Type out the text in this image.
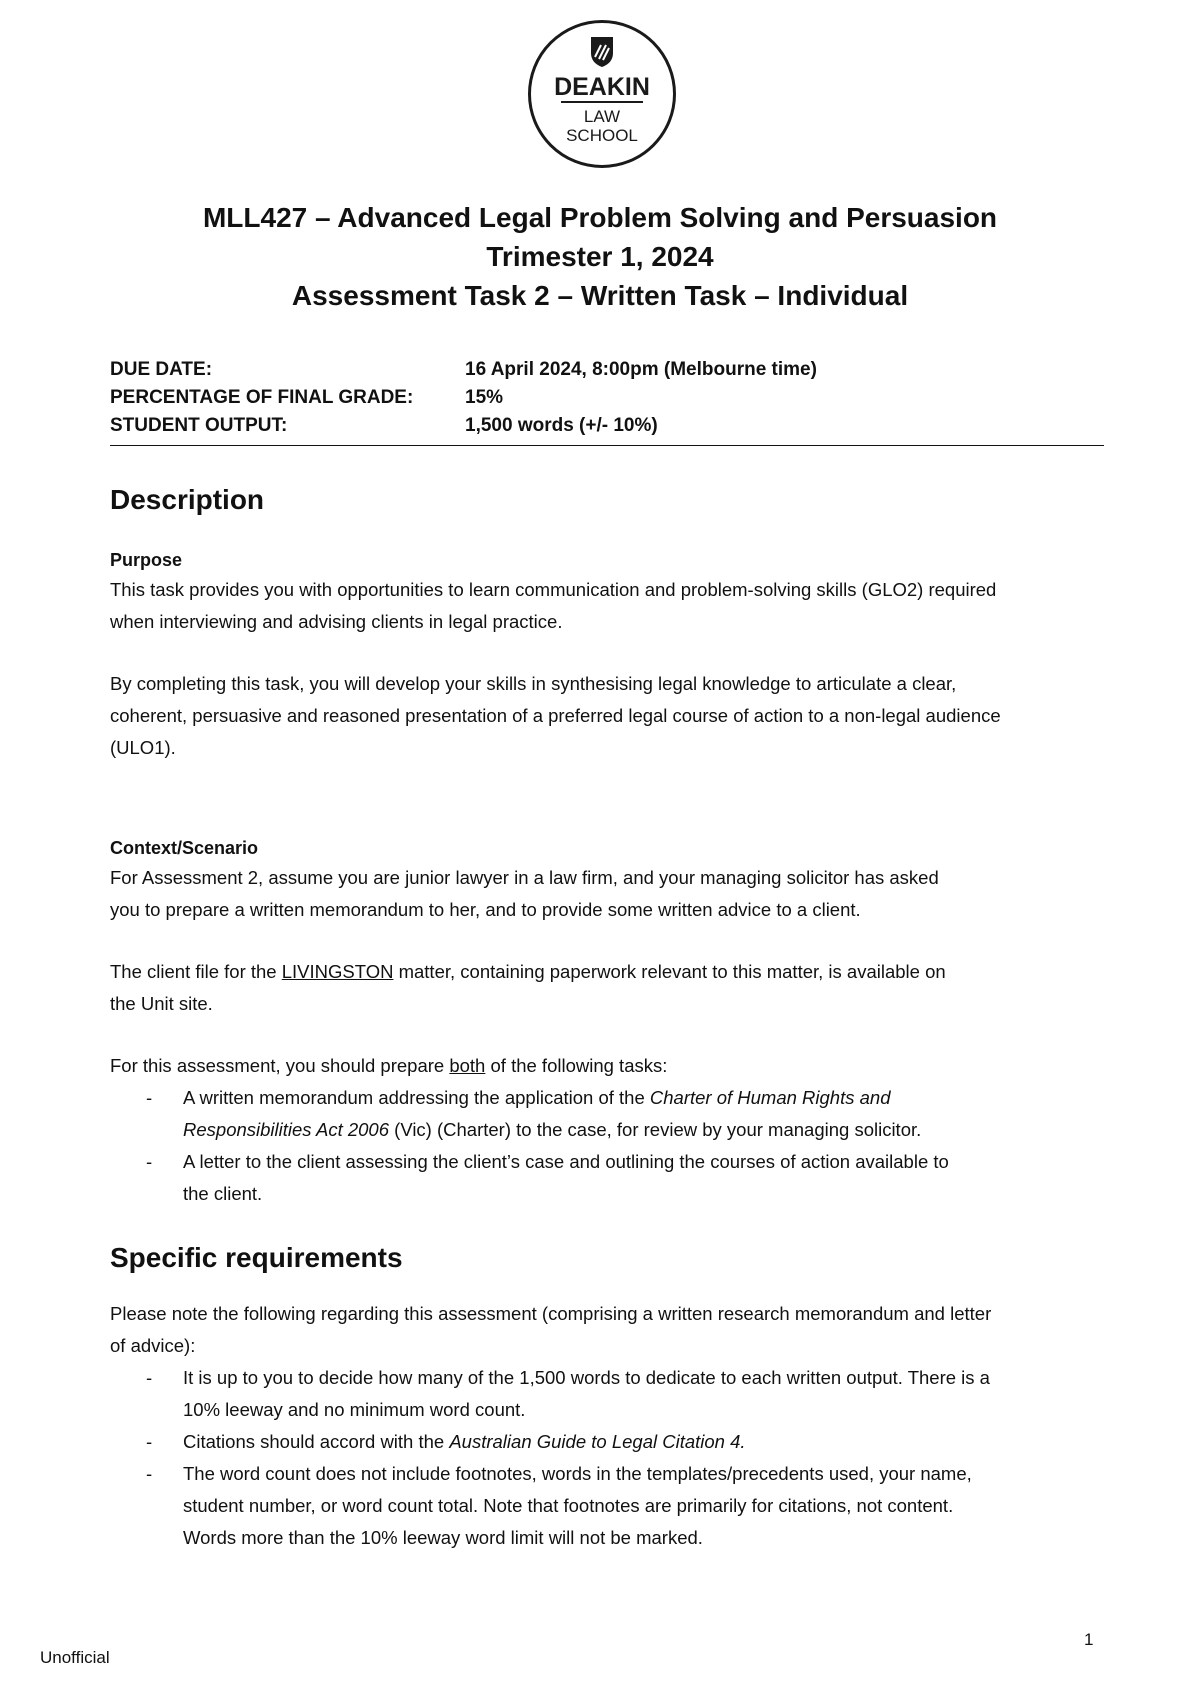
DEAKIN
LAW
SCHOOL
MLL427 – Advanced Legal Problem Solving and Persuasion
Trimester 1, 2024
Assessment Task 2 – Written Task – Individual
DUE DATE:	16 April 2024, 8:00pm (Melbourne time)
PERCENTAGE OF FINAL GRADE:	15%
STUDENT OUTPUT:	1,500 words (+/- 10%)
Description
Purpose
This task provides you with opportunities to learn communication and problem-solving skills (GLO2) required
when interviewing and advising clients in legal practice.
By completing this task, you will develop your skills in synthesising legal knowledge to articulate a clear,
coherent, persuasive and reasoned presentation of a preferred legal course of action to a non-legal audience
(ULO1).
Context/Scenario
For Assessment 2, assume you are junior lawyer in a law firm, and your managing solicitor has asked
you to prepare a written memorandum to her, and to provide some written advice to a client.
The client file for the LIVINGSTON matter, containing paperwork relevant to this matter, is available on
the Unit site.
For this assessment, you should prepare both of the following tasks:
- A written memorandum addressing the application of the Charter of Human Rights and
Responsibilities Act 2006 (Vic) (Charter) to the case, for review by your managing solicitor.
- A letter to the client assessing the client’s case and outlining the courses of action available to
the client.
Specific requirements
Please note the following regarding this assessment (comprising a written research memorandum and letter
of advice):
- It is up to you to decide how many of the 1,500 words to dedicate to each written output. There is a
10% leeway and no minimum word count.
- Citations should accord with the Australian Guide to Legal Citation 4.
- The word count does not include footnotes, words in the templates/precedents used, your name,
student number, or word count total. Note that footnotes are primarily for citations, not content.
Words more than the 10% leeway word limit will not be marked.
1
Unofficial
